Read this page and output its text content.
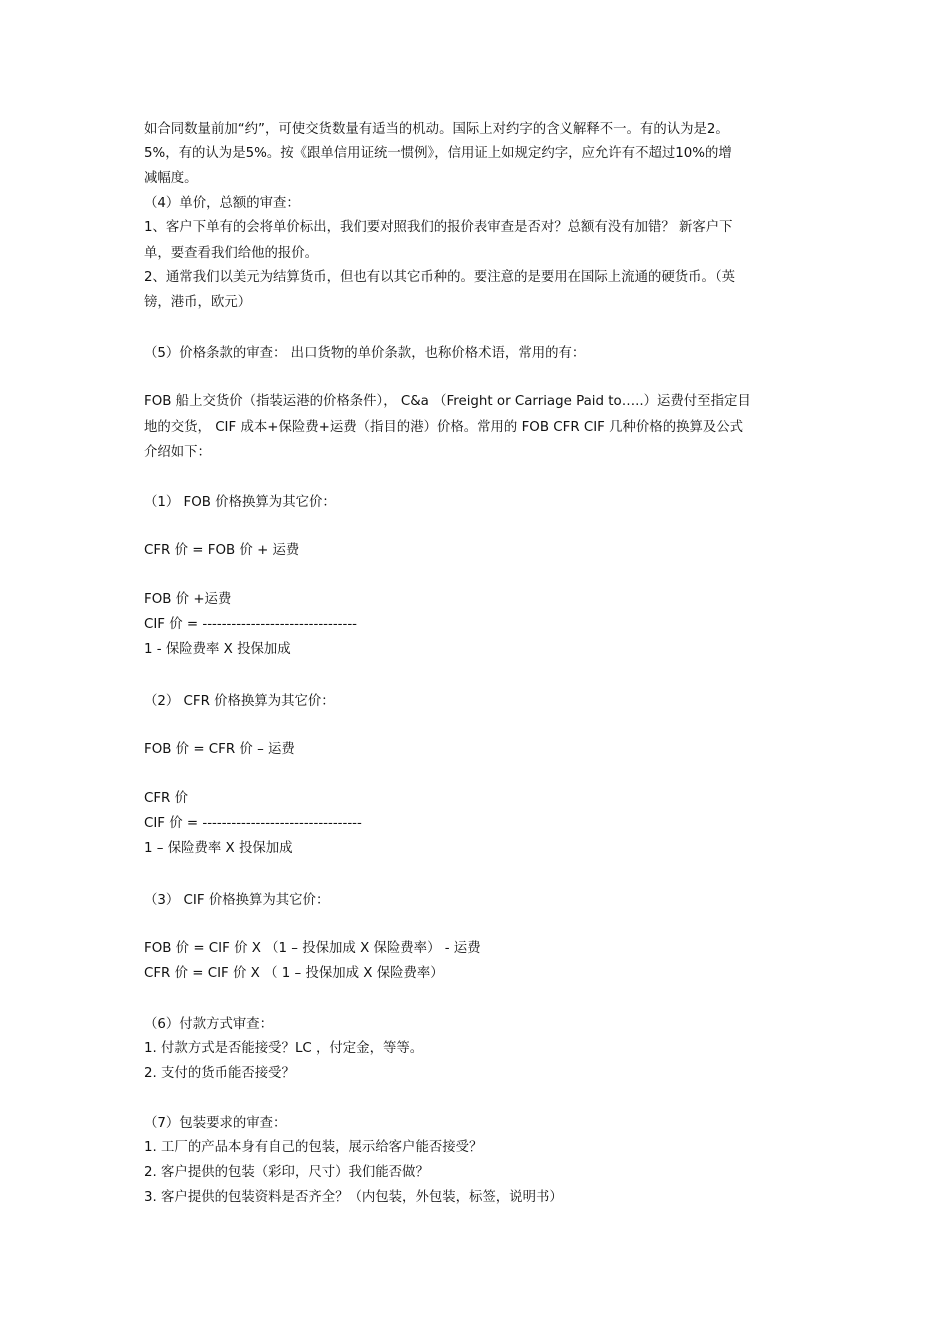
如合同数量前加“约”，可使交货数量有适当的机动。国际上对约字的含义解释不一。有的认为是2。
5%，有的认为是5%。按《跟单信用证统一惯例》，信用证上如规定约字，应允许有不超过10%的增
减幅度。
（4）单价，总额的审查：
1、客户下单有的会将单价标出，我们要对照我们的报价表审查是否对？总额有没有加错？ 新客户下
单，要查看我们给他的报价。
2、通常我们以美元为结算货币，但也有以其它币种的。要注意的是要用在国际上流通的硬货币。（英
镑，港币，欧元）
（5）价格条款的审查： 出口货物的单价条款，也称价格术语，常用的有：
FOB 船上交货价（指装运港的价格条件）， C&a （Freight or Carriage Paid to…..）运费付至指定目
地的交货， CIF 成本+保险费+运费（指目的港）价格。常用的 FOB CFR CIF 几种价格的换算及公式
介绍如下：
（1） FOB 价格换算为其它价：
CFR 价 = FOB 价 + 运费
FOB 价 +运费
CIF 价 = --------------------------------
1 - 保险费率 X 投保加成
（2） CFR 价格换算为其它价：
FOB 价 = CFR 价 – 运费
CFR 价
CIF 价 = ---------------------------------
1 – 保险费率 X 投保加成
（3） CIF 价格换算为其它价：
FOB 价 = CIF 价 X （1 – 投保加成 X 保险费率） - 运费
CFR 价 = CIF 价 X （ 1 – 投保加成 X 保险费率）
（6）付款方式审查：
1. 付款方式是否能接受？LC ，付定金，等等。
2. 支付的货币能否接受？
（7）包装要求的审查：
1. 工厂的产品本身有自己的包装，展示给客户能否接受？
2. 客户提供的包装（彩印，尺寸）我们能否做？
3. 客户提供的包装资料是否齐全？（内包装，外包装，标签，说明书）
